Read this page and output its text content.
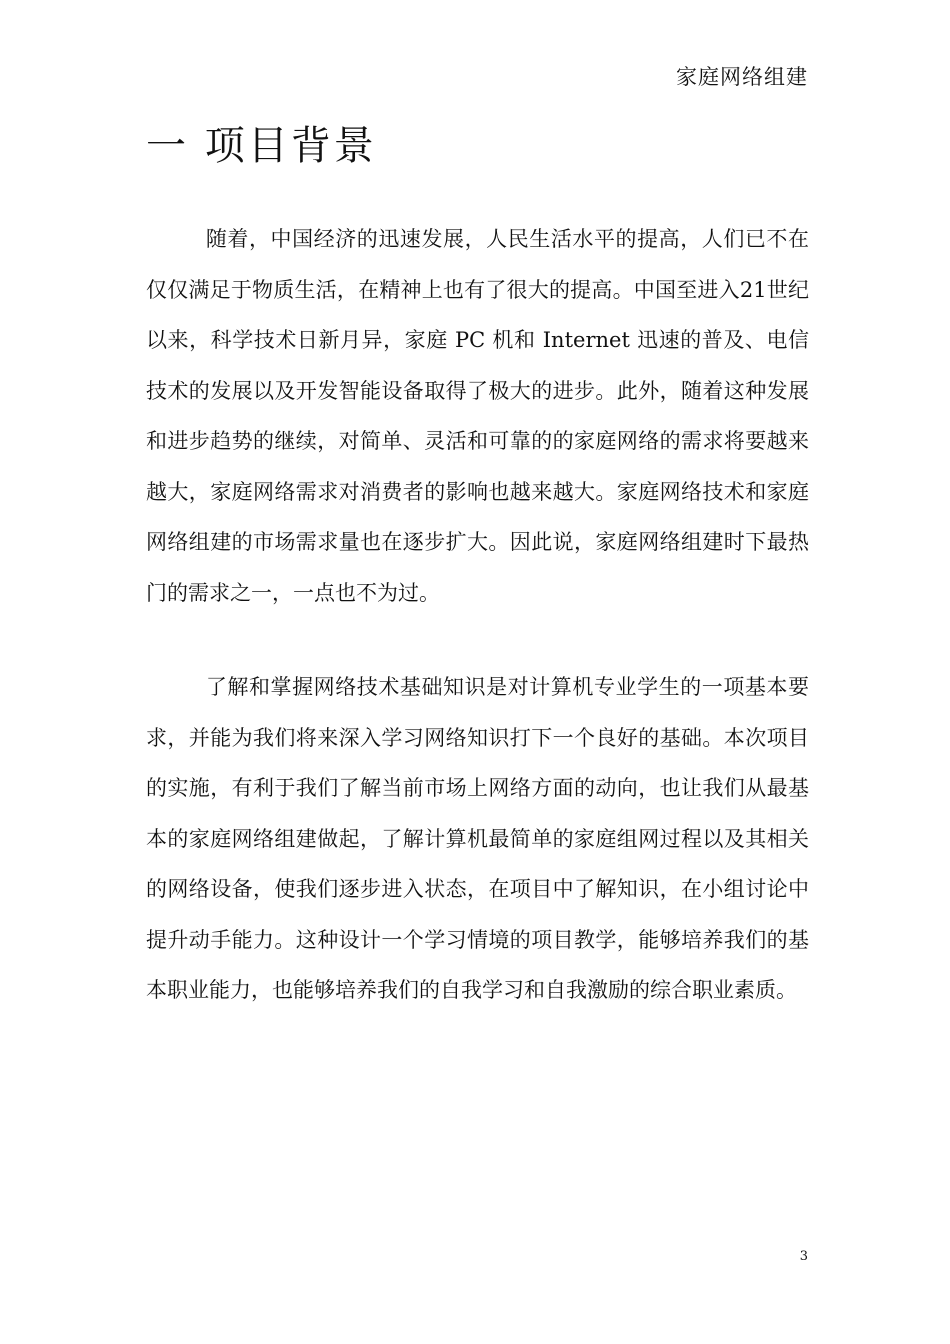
家庭网络组建
一 项目背景

随着，中国经济的迅速发展，人民生活水平的提高，人们已不在仅仅满足于物质生活，在精神上也有了很大的提高。中国至进入21世纪以来，科学技术日新月异，家庭 PC 机和 Internet 迅速的普及、电信技术的发展以及开发智能设备取得了极大的进步。此外，随着这种发展和进步趋势的继续，对简单、灵活和可靠的的家庭网络的需求将要越来越大，家庭网络需求对消费者的影响也越来越大。家庭网络技术和家庭网络组建的市场需求量也在逐步扩大。因此说，家庭网络组建时下最热门的需求之一，一点也不为过。

了解和掌握网络技术基础知识是对计算机专业学生的一项基本要求，并能为我们将来深入学习网络知识打下一个良好的基础。本次项目的实施，有利于我们了解当前市场上网络方面的动向，也让我们从最基本的家庭网络组建做起，了解计算机最简单的家庭组网过程以及其相关的网络设备，使我们逐步进入状态，在项目中了解知识，在小组讨论中提升动手能力。这种设计一个学习情境的项目教学，能够培养我们的基本职业能力，也能够培养我们的自我学习和自我激励的综合职业素质。

3
